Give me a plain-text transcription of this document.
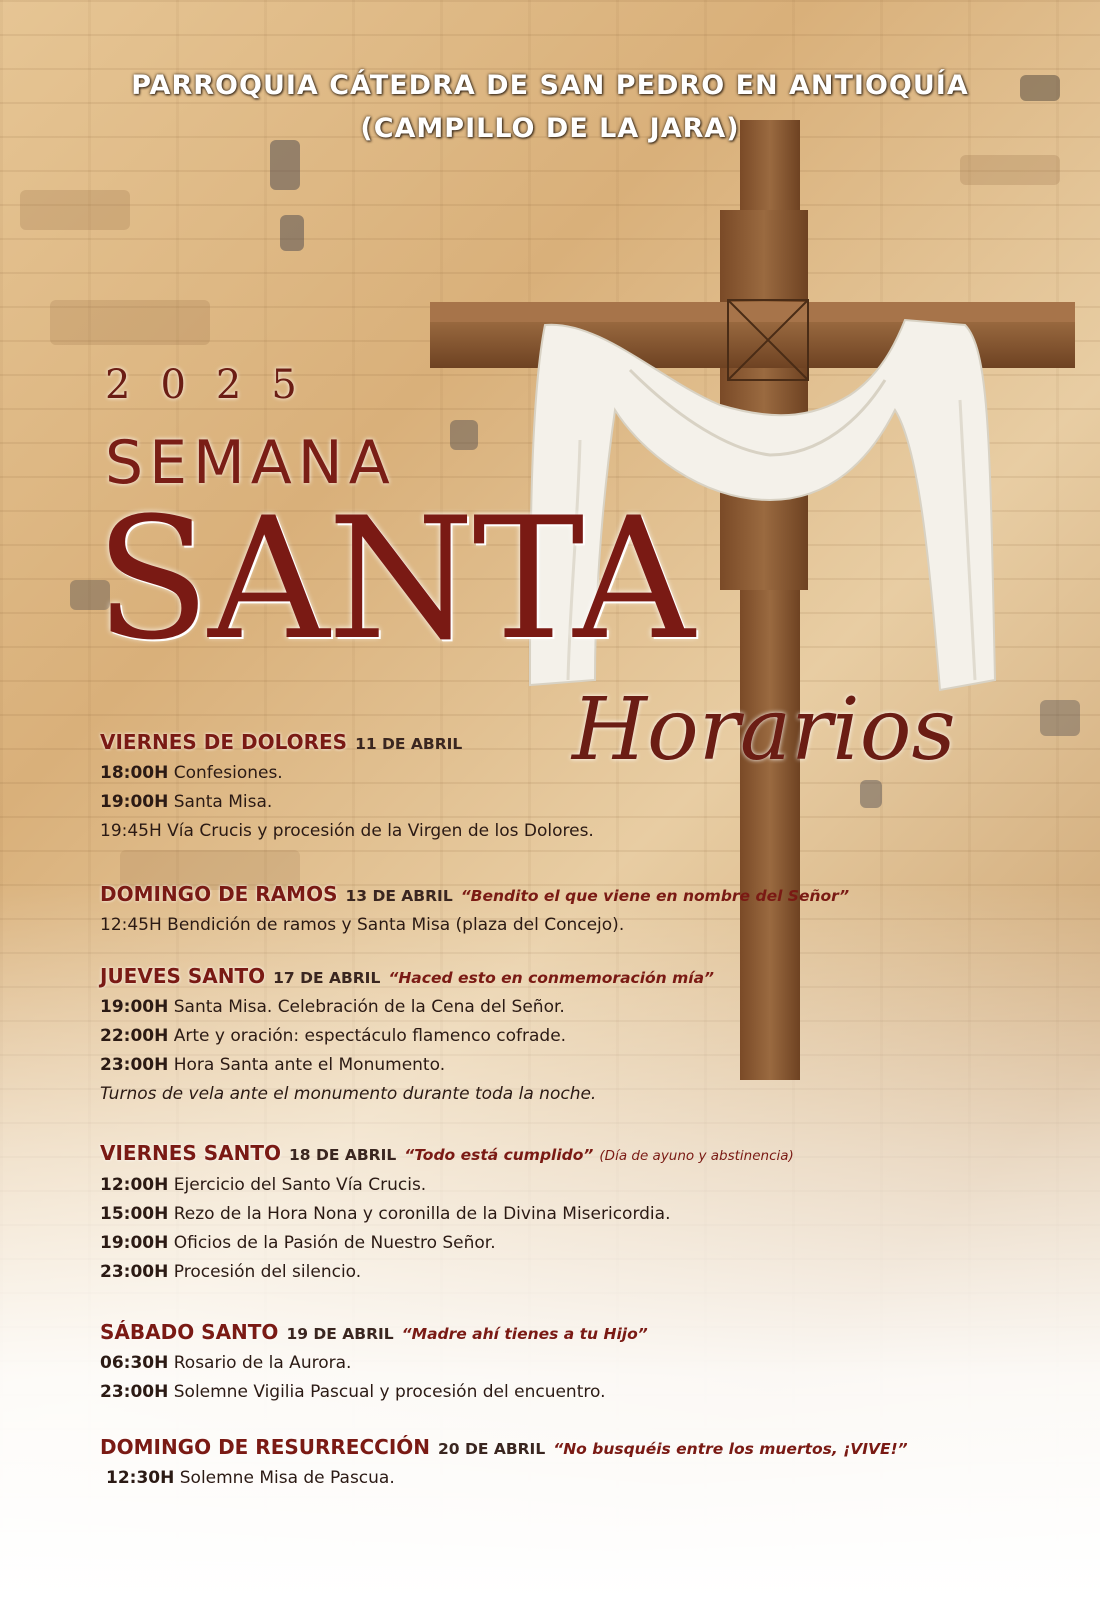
PARROQUIA CÁTEDRA DE SAN PEDRO EN ANTIOQUÍA
(CAMPILLO DE LA JARA)
2025
SEMANA
SANTA
Horarios
VIERNES DE DOLORES 11 DE ABRIL
18:00H Confesiones.
19:00H Santa Misa.
19:45H Vía Crucis y procesión de la Virgen de los Dolores.
DOMINGO DE RAMOS 13 DE ABRIL “Bendito el que viene en nombre del Señor”
12:45H Bendición de ramos y Santa Misa (plaza del Concejo).
JUEVES SANTO 17 DE ABRIL “Haced esto en conmemoración mía”
19:00H Santa Misa. Celebración de la Cena del Señor.
22:00H Arte y oración: espectáculo flamenco cofrade.
23:00H Hora Santa ante el Monumento.
Turnos de vela ante el monumento durante toda la noche.
VIERNES SANTO 18 DE ABRIL “Todo está cumplido” (Día de ayuno y abstinencia)
12:00H Ejercicio del Santo Vía Crucis.
15:00H Rezo de la Hora Nona y coronilla de la Divina Misericordia.
19:00H Oficios de la Pasión de Nuestro Señor.
23:00H Procesión del silencio.
SÁBADO SANTO 19 DE ABRIL “Madre ahí tienes a tu Hijo”
06:30H Rosario de la Aurora.
23:00H Solemne Vigilia Pascual y procesión del encuentro.
DOMINGO DE RESURRECCIÓN 20 DE ABRIL “No busquéis entre los muertos, ¡VIVE!”
12:30H Solemne Misa de Pascua.
